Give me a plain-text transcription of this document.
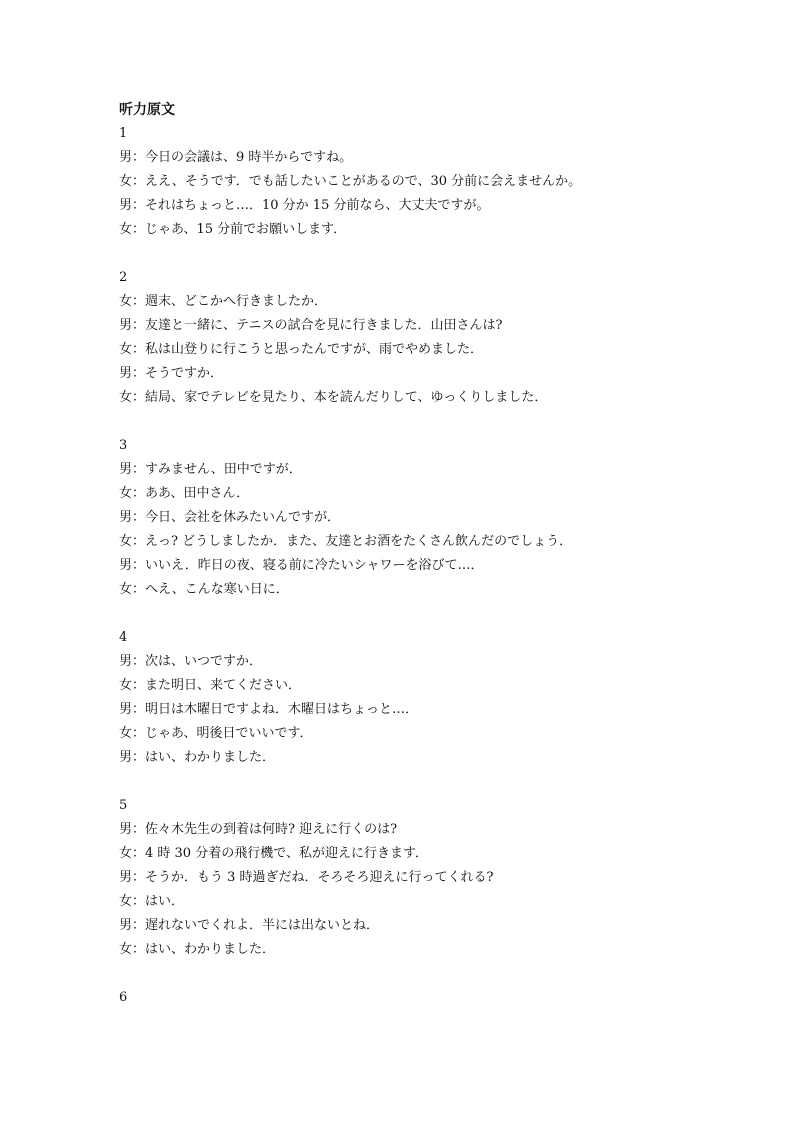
听力原文
1
男：今日の会議は、9 時半からですね。
女：ええ、そうです．でも話したいことがあるので、30 分前に会えませんか。
男：それはちょっと…．10 分か 15 分前なら、大丈夫ですが。
女：じゃあ、15 分前でお願いします．
2
女：週末、どこかへ行きましたか．
男：友達と一緒に、テニスの試合を見に行きました．山田さんは?
女：私は山登りに行こうと思ったんですが、雨でやめました．
男：そうですか．
女：結局、家でテレビを見たり、本を読んだりして、ゆっくりしました．
3
男：すみません、田中ですが．
女：ああ、田中さん．
男：今日、会社を休みたいんですが．
女：えっ? どうしましたか．また、友達とお酒をたくさん飲んだのでしょう．
男：いいえ．昨日の夜、寝る前に冷たいシャワーを浴びて…．
女：へえ、こんな寒い日に．
4
男：次は、いつですか．
女：また明日、来てください．
男：明日は木曜日ですよね．木曜日はちょっと…．
女：じゃあ、明後日でいいです．
男：はい、わかりました．
5
男：佐々木先生の到着は何時? 迎えに行くのは?
女：4 時 30 分着の飛行機で、私が迎えに行きます．
男：そうか．もう 3 時過ぎだね．そろそろ迎えに行ってくれる?
女：はい．
男：遅れないでくれよ．半には出ないとね．
女：はい、わかりました．
6
